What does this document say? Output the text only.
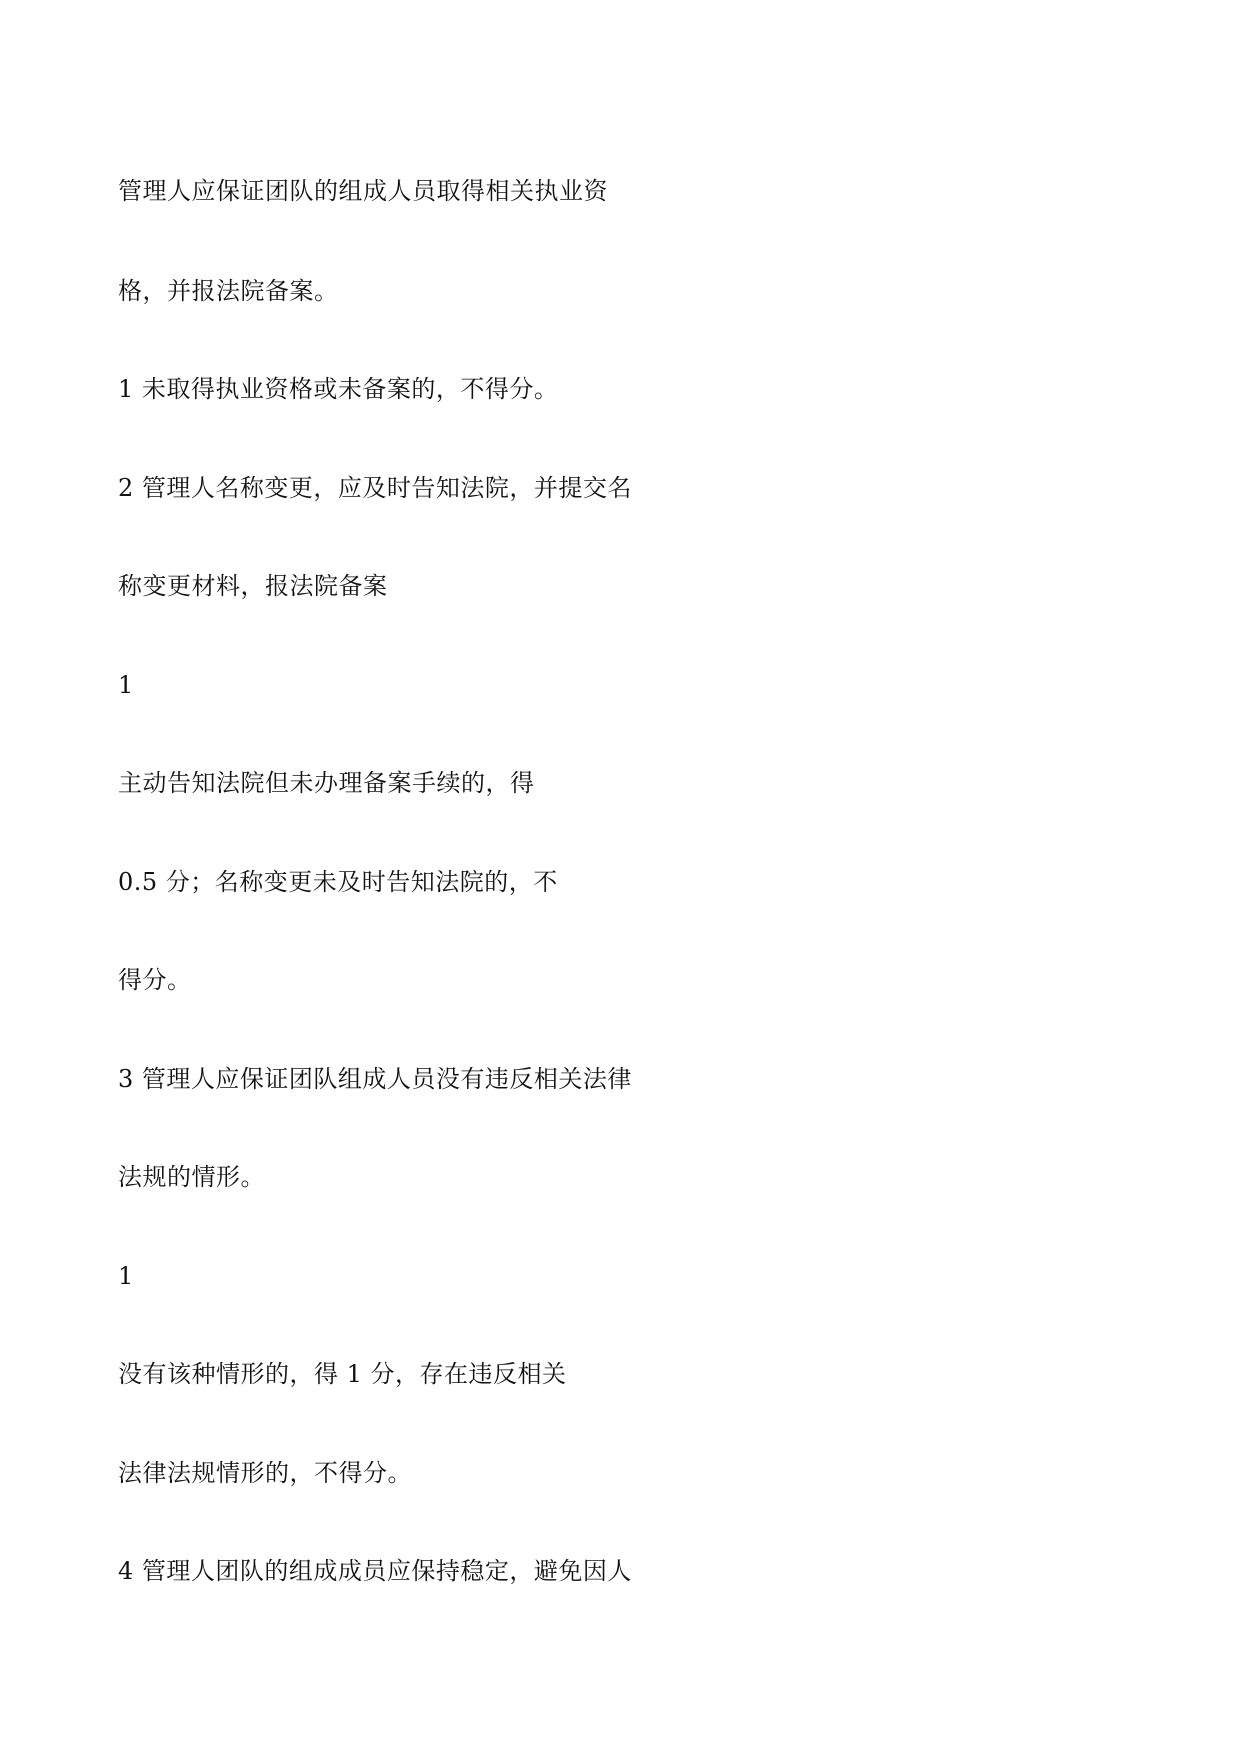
管理人应保证团队的组成人员取得相关执业资

格，并报法院备案。

1 未取得执业资格或未备案的，不得分。

2 管理人名称变更，应及时告知法院，并提交名

称变更材料，报法院备案

1

主动告知法院但未办理备案手续的，得

0.5 分；名称变更未及时告知法院的，不

得分。

3 管理人应保证团队组成人员没有违反相关法律

法规的情形。

1

没有该种情形的，得 1 分，存在违反相关

法律法规情形的，不得分。

4 管理人团队的组成成员应保持稳定，避免因人
